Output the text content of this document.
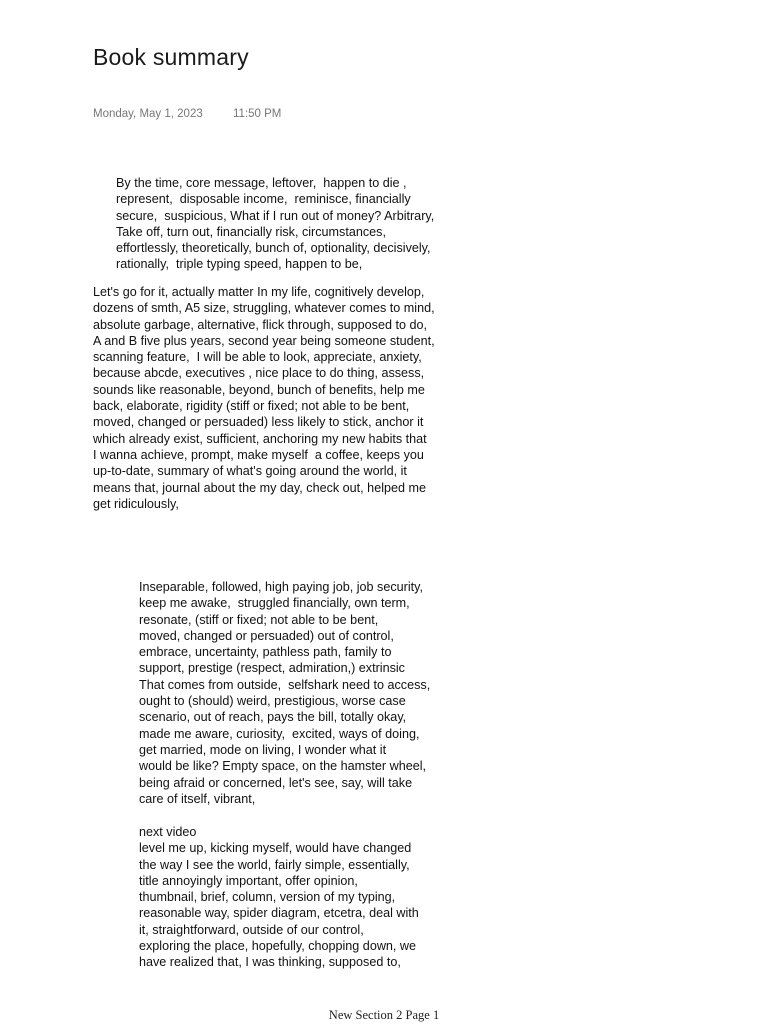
Book summary
Monday, May 1, 2023	11:50 PM
By the time, core message, leftover,  happen to die ,
represent,  disposable income,  reminisce, financially
secure,  suspicious, What if I run out of money? Arbitrary,
Take off, turn out, financially risk, circumstances,
effortlessly, theoretically, bunch of, optionality, decisively,
rationally,  triple typing speed, happen to be,
Let's go for it, actually matter In my life, cognitively develop,
dozens of smth, A5 size, struggling, whatever comes to mind,
absolute garbage, alternative, flick through, supposed to do,
A and B five plus years, second year being someone student,
scanning feature,  I will be able to look, appreciate, anxiety,
because abcde, executives , nice place to do thing, assess,
sounds like reasonable, beyond, bunch of benefits, help me
back, elaborate, rigidity (stiff or fixed; not able to be bent,
moved, changed or persuaded) less likely to stick, anchor it
which already exist, sufficient, anchoring my new habits that
I wanna achieve, prompt, make myself  a coffee, keeps you
up-to-date, summary of what's going around the world, it
means that, journal about the my day, check out, helped me
get ridiculously,
Inseparable, followed, high paying job, job security,
keep me awake,  struggled financially, own term,
resonate, (stiff or fixed; not able to be bent,
moved, changed or persuaded) out of control,
embrace, uncertainty, pathless path, family to
support, prestige (respect, admiration,) extrinsic
That comes from outside,  selfshark need to access,
ought to (should) weird, prestigious, worse case
scenario, out of reach, pays the bill, totally okay,
made me aware, curiosity,  excited, ways of doing,
get married, mode on living, I wonder what it
would be like? Empty space, on the hamster wheel,
being afraid or concerned, let's see, say, will take
care of itself, vibrant,
next video
level me up, kicking myself, would have changed
the way I see the world, fairly simple, essentially,
title annoyingly important, offer opinion,
thumbnail, brief, column, version of my typing,
reasonable way, spider diagram, etcetra, deal with
it, straightforward, outside of our control,
exploring the place, hopefully, chopping down, we
have realized that, I was thinking, supposed to,
New Section 2 Page 1
